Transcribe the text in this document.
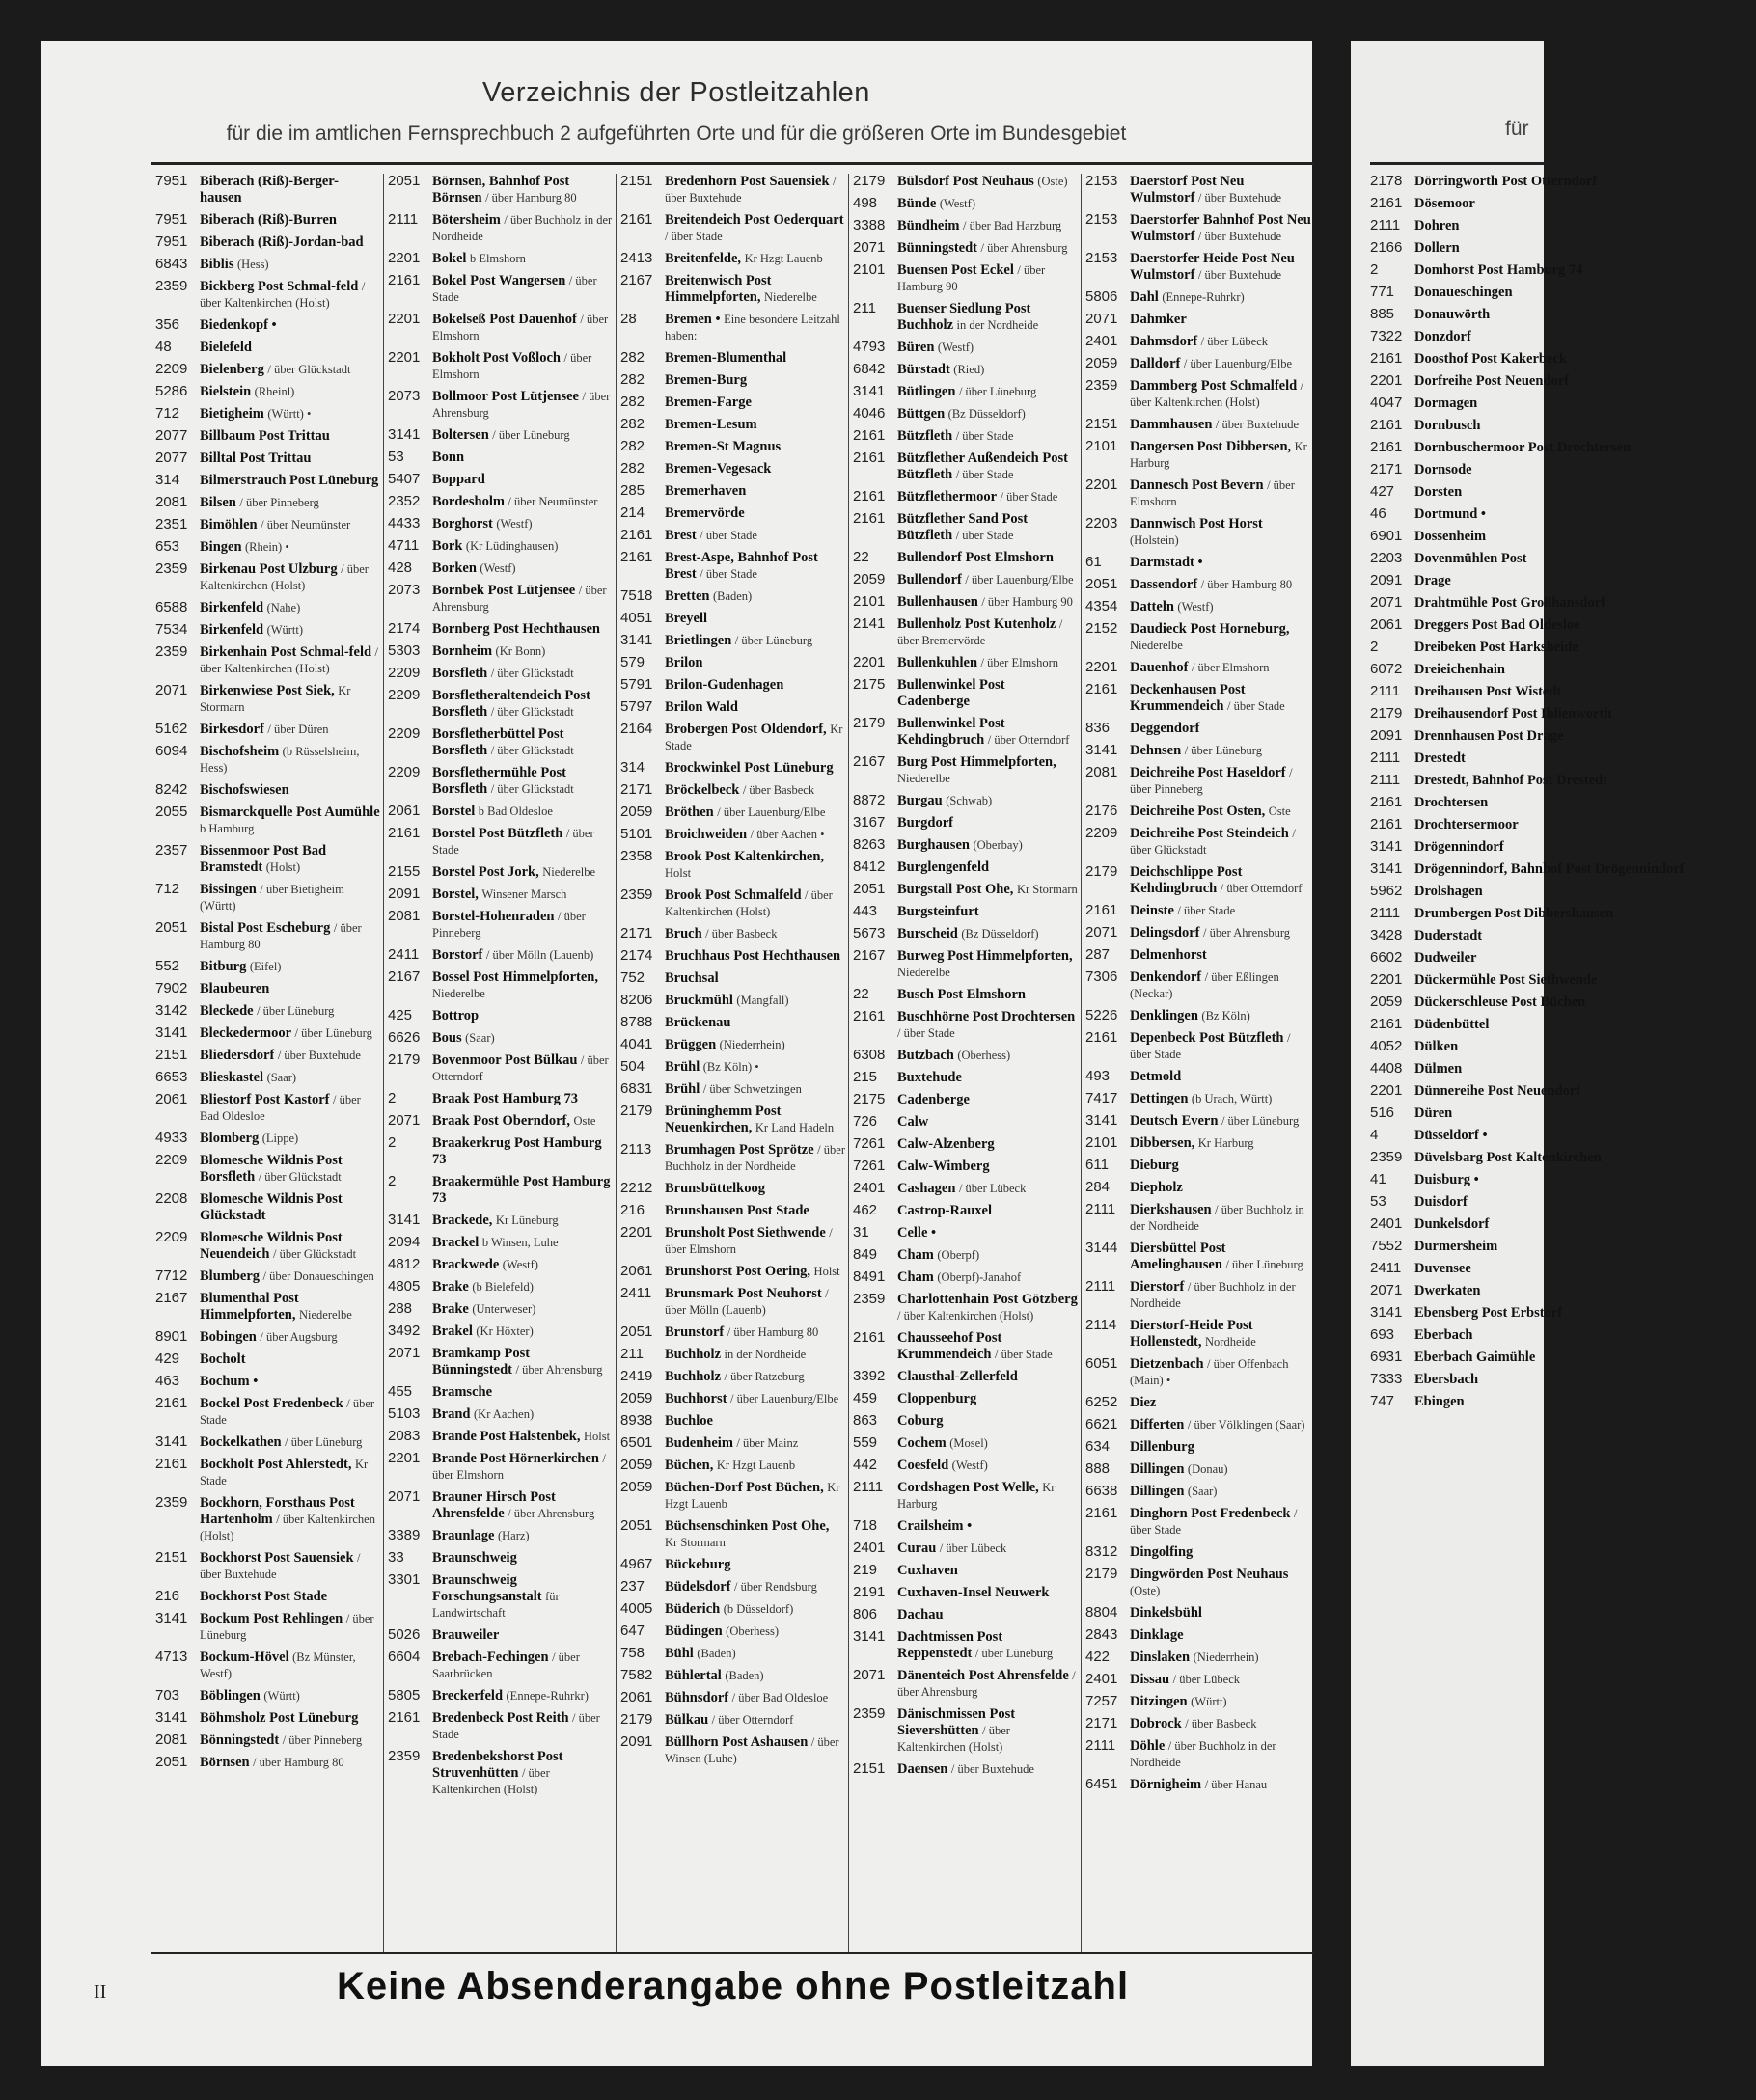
Verzeichnis der Postleitzahlen
für die im amtlichen Fernsprechbuch 2 aufgeführten Orte und für die größeren Orte im Bundesgebiet
7951 Biberach (Riß)-Berger-hausen
7951 Biberach (Riß)-Burren
7951 Biberach (Riß)-Jordan-bad
6843 Biblis (Hess)
2359 Bickberg Post Schmal-feld / über Kaltenkirchen (Holst)
356	Biedenkopf •
48	Bielefeld
2209 Bielenberg / über Glückstadt
5286 Bielstein (Rheinl)
712	Bietigheim (Württ) •
2077 Billbaum Post Trittau
2077 Billtal Post Trittau
314	Bilmerstrauch Post Lüneburg
2081 Bilsen / über Pinneberg
2351 Bimöhlen / über Neumünster
653	Bingen (Rhein) •
2359 Birkenau Post Ulzburg / über Kaltenkirchen (Holst)
6588 Birkenfeld (Nahe)
7534 Birkenfeld (Württ)
2359 Birkenhain Post Schmal-feld / über Kaltenkirchen (Holst)
2071 Birkenwiese Post Siek, Kr Stormarn
5162 Birkesdorf / über Düren
6094 Bischofsheim (b Rüsselsheim, Hess)
8242 Bischofswiesen
2055 Bismarckquelle Post Aumühle b Hamburg
2357 Bissenmoor Post Bad Bramstedt (Holst)
712	Bissingen / über Bietigheim (Württ)
2051 Bistal Post Escheburg / über Hamburg 80
552	Bitburg (Eifel)
7902 Blaubeuren
3142 Bleckede / über Lüneburg
3141 Bleckedermoor / über Lüneburg
2151 Bliedersdorf / über Buxtehude
6653 Blieskastel (Saar)
2061 Bliestorf Post Kastorf / über Bad Oldesloe
4933 Blomberg (Lippe)
2209 Blomesche Wildnis Post Borsfleth / über Glückstadt
2208 Blomesche Wildnis Post Glückstadt
2209 Blomesche Wildnis Post Neuendeich / über Glückstadt
7712 Blumberg / über Donaueschingen
2167 Blumenthal Post Himmelpforten, Niederelbe
8901 Bobingen / über Augsburg
429	Bocholt
463	Bochum •
2161 Bockel Post Fredenbeck / über Stade
3141 Bockelkathen / über Lüneburg
2161 Bockholt Post Ahlerstedt, Kr Stade
2359 Bockhorn, Forsthaus Post Hartenholm / über Kaltenkirchen (Holst)
2151 Bockhorst Post Sauensiek / über Buxtehude
216	Bockhorst Post Stade
3141 Bockum Post Rehlingen / über Lüneburg
4713 Bockum-Hövel (Bz Münster, Westf)
703	Böblingen (Württ)
3141 Böhmsholz Post Lüneburg
2081 Bönningstedt / über Pinneberg
2051 Börnsen / über Hamburg 80
2051 Börnsen, Bahnhof Post Börnsen / über Hamburg 80
2111	Bötersheim / über Buchholz in der Nordheide
2201 Bokel b Elmshorn
2161 Bokel Post Wangersen / über Stade
2201 Bokelseß Post Dauenhof / über Elmshorn
2201 Bokholt Post Voßloch / über Elmshorn
2073 Bollmoor Post Lütjensee / über Ahrensburg
3141 Boltersen / über Lüneburg
53	Bonn
5407 Boppard
2352 Bordesholm / über Neumünster
4433 Borghorst (Westf)
4711 Bork (Kr Lüdinghausen)
428	Borken (Westf)
2073 Bornbek Post Lütjensee / über Ahrensburg
2174 Bornberg Post Hechthausen
5303 Bornheim (Kr Bonn)
2209 Borsfleth / über Glückstadt
2209 Borsfletheraltendeich Post Borsfleth / über Glückstadt
2209 Borsfletherbüttel Post Borsfleth / über Glückstadt
2209 Borsflethermühle Post Borsfleth / über Glückstadt
2061 Borstel b Bad Oldesloe
2161 Borstel Post Bützfleth / über Stade
2155 Borstel Post Jork, Niederelbe
2091 Borstel, Winsener Marsch
2081 Borstel-Hohenraden / über Pinneberg
2411 Borstorf / über Mölln (Lauenb)
2167 Bossel Post Himmelpforten, Niederelbe
425	Bottrop
6626 Bous (Saar)
2179 Bovenmoor Post Bülkau / über Otterndorf
2	Braak Post Hamburg 73
2071 Braak Post Oberndorf, Oste
2	Braakerkrug Post Hamburg 73
2	Braakermühle Post Hamburg 73
3141 Brackede, Kr Lüneburg
2094 Brackel b Winsen, Luhe
4812 Brackwede (Westf)
4805 Brake (b Bielefeld)
288	Brake (Unterweser)
3492 Brakel (Kr Höxter)
2071 Bramkamp Post Bünningstedt / über Ahrensburg
455	Bramsche
5103 Brand (Kr Aachen)
2083 Brande Post Halstenbek, Holst
2201 Brande Post Hörnerkirchen / über Elmshorn
2071 Brauner Hirsch Post Ahrensfelde / über Ahrensburg
3389 Braunlage (Harz)
33	Braunschweig
3301 Braunschweig Forschungsanstalt für Landwirtschaft
5026 Brauweiler
6604 Brebach-Fechingen / über Saarbrücken
5805 Breckerfeld (Ennepe-Ruhrkr)
2161 Bredenbeck Post Reith / über Stade
2359 Bredenbekshorst Post Struvenhütten / über Kaltenkirchen (Holst)
2151 Bredenhorn Post Sauensiek / über Buxtehude
2161 Breitendeich Post Oederquart / über Stade
2413 Breitenfelde, Kr Hzgt Lauenb
2167 Breitenwisch Post Himmelpforten, Niederelbe
28	Bremen • Eine besondere Leitzahl haben:
282	Bremen-Blumenthal
282	Bremen-Burg
282	Bremen-Farge
282	Bremen-Lesum
282	Bremen-St Magnus
282	Bremen-Vegesack
285	Bremerhaven
214	Bremervörde
2161 Brest / über Stade
2161 Brest-Aspe, Bahnhof Post Brest / über Stade
7518 Bretten (Baden)
4051 Breyell
3141 Brietlingen / über Lüneburg
579	Brilon
5791 Brilon-Gudenhagen
5797 Brilon Wald
2164 Brobergen Post Oldendorf, Kr Stade
314	Brockwinkel Post Lüneburg
2171 Bröckelbeck / über Basbeck
2059 Bröthen / über Lauenburg/Elbe
5101 Broichweiden / über Aachen •
2358 Brook Post Kaltenkirchen, Holst
2359 Brook Post Schmalfeld / über Kaltenkirchen (Holst)
2171 Bruch / über Basbeck
2174 Bruchhaus Post Hechthausen
752	Bruchsal
8206 Bruckmühl (Mangfall)
8788 Brückenau
4041 Brüggen (Niederrhein)
504	Brühl (Bz Köln) •
6831 Brühl / über Schwetzingen
2179 Brüninghemm Post Neuenkirchen, Kr Land Hadeln
2113 Brumhagen Post Sprötze / über Buchholz in der Nordheide
2212 Brunsbüttelkoog
216	Brunshausen Post Stade
2201 Brunsholt Post Siethwende / über Elmshorn
2061 Brunshorst Post Oering, Holst
2411 Brunsmark Post Neuhorst / über Mölln (Lauenb)
2051 Brunstorf / über Hamburg 80
211	Buchholz in der Nordheide
2419 Buchholz / über Ratzeburg
2059 Buchhorst / über Lauenburg/Elbe
8938 Buchloe
6501 Budenheim / über Mainz
2059 Büchen, Kr Hzgt Lauenb
2059 Büchen-Dorf Post Büchen, Kr Hzgt Lauenb
2051 Büchsenschinken Post Ohe, Kr Stormarn
4967 Bückeburg
237	Büdelsdorf / über Rendsburg
4005 Büderich (b Düsseldorf)
647	Büdingen (Oberhess)
758	Bühl (Baden)
7582 Bühlertal (Baden)
2061 Bühnsdorf / über Bad Oldesloe
2179 Bülkau / über Otterndorf
2091 Büllhorn Post Ashausen / über Winsen (Luhe)
2179 Bülsdorf Post Neuhaus (Oste)
498	Bünde (Westf)
3388 Bündheim / über Bad Harzburg
2071 Bünningstedt / über Ahrensburg
2101 Buensen Post Eckel / über Hamburg 90
211	Buenser Siedlung Post Buchholz in der Nordheide
4793 Büren (Westf)
6842 Bürstadt (Ried)
3141 Bütlingen / über Lüneburg
4046 Büttgen (Bz Düsseldorf)
2161 Bützfleth / über Stade
2161 Bützflether Außendeich Post Bützfleth / über Stade
2161 Bützflethermoor / über Stade
2161 Bützflether Sand Post Bützfleth / über Stade
22	Bullendorf Post Elmshorn
2059 Bullendorf / über Lauenburg/Elbe
2101 Bullenhausen / über Hamburg 90
2141 Bullenholz Post Kutenholz / über Bremervörde
2201 Bullenkuhlen / über Elmshorn
2175 Bullenwinkel Post Cadenberge
2179 Bullenwinkel Post Kehdingbruch / über Otterndorf
2167 Burg Post Himmelpforten, Niederelbe
8872 Burgau (Schwab)
3167 Burgdorf
8263 Burghausen (Oberbay)
8412 Burglengenfeld
2051 Burgstall Post Ohe, Kr Stormarn
443	Burgsteinfurt
5673 Burscheid (Bz Düsseldorf)
2167 Burweg Post Himmelpforten, Niederelbe
22	Busch Post Elmshorn
2161 Buschhörne Post Drochtersen / über Stade
6308 Butzbach (Oberhess)
215	Buxtehude
2175 Cadenberge
726	Calw
7261 Calw-Alzenberg
7261 Calw-Wimberg
2401 Cashagen / über Lübeck
462	Castrop-Rauxel
31	Celle •
849	Cham (Oberpf)
8491 Cham (Oberpf)-Janahof
2359 Charlottenhain Post Götzberg / über Kaltenkirchen (Holst)
2161 Chausseehof Post Krummendeich / über Stade
3392 Clausthal-Zellerfeld
459	Cloppenburg
863	Coburg
559	Cochem (Mosel)
442	Coesfeld (Westf)
2111	Cordshagen Post Welle, Kr Harburg
718	Crailsheim •
2401 Curau / über Lübeck
219	Cuxhaven
2191 Cuxhaven-Insel Neuwerk
806	Dachau
3141 Dachtmissen Post Reppenstedt / über Lüneburg
2071 Dänenteich Post Ahrensfelde / über Ahrensburg
2359 Dänischmissen Post Sievershütten / über Kaltenkirchen (Holst)
2151 Daensen / über Buxtehude
2153 Daerstorf Post Neu Wulmstorf / über Buxtehude
2153 Daerstorfer Bahnhof Post Neu Wulmstorf / über Buxtehude
2153 Daerstorfer Heide Post Neu Wulmstorf / über Buxtehude
5806 Dahl (Ennepe-Ruhrkr)
2071 Dahmker
2401 Dahmsdorf / über Lübeck
2059 Dalldorf / über Lauenburg/Elbe
2359 Dammberg Post Schmalfeld / über Kaltenkirchen (Holst)
2151 Dammhausen / über Buxtehude
2101 Dangersen Post Dibbersen, Kr Harburg
2201 Dannesch Post Bevern / über Elmshorn
2203 Dannwisch Post Horst (Holstein)
61	Darmstadt •
2051 Dassendorf / über Hamburg 80
4354 Datteln (Westf)
2152 Daudieck Post Horneburg, Niederelbe
2201 Dauenhof / über Elmshorn
2161 Deckenhausen Post Krummendeich / über Stade
836	Deggendorf
3141 Dehnsen / über Lüneburg
2081 Deichreihe Post Haseldorf / über Pinneberg
2176 Deichreihe Post Osten, Oste
2209 Deichreihe Post Steindeich / über Glückstadt
2179 Deichschlippe Post Kehdingbruch / über Otterndorf
2161 Deinste / über Stade
2071 Delingsdorf / über Ahrensburg
287	Delmenhorst
7306 Denkendorf / über Eßlingen (Neckar)
5226 Denklingen (Bz Köln)
2161 Depenbeck Post Bützfleth / über Stade
493	Detmold
7417 Dettingen (b Urach, Württ)
3141 Deutsch Evern / über Lüneburg
2101 Dibbersen, Kr Harburg
611	Dieburg
284	Diepholz
2111	Dierkshausen / über Buchholz in der Nordheide
3144 Diersbüttel Post Amelinghausen / über Lüneburg
2111	Dierstorf / über Buchholz in der Nordheide
2114 Dierstorf-Heide Post Hollenstedt, Nordheide
6051 Dietzenbach / über Offenbach (Main) •
6252 Diez
6621 Differten / über Völklingen (Saar)
634	Dillenburg
888	Dillingen (Donau)
6638 Dillingen (Saar)
2161 Dinghorn Post Fredenbeck / über Stade
8312 Dingolfing
2179 Dingwörden Post Neuhaus (Oste)
8804 Dinkelsbühl
2843 Dinklage
422	Dinslaken (Niederrhein)
2401 Dissau / über Lübeck
7257 Ditzingen (Württ)
2171 Dobrock / über Basbeck
2111	Döhle / über Buchholz in der Nordheide
6451 Dörnigheim / über Hanau
II	Keine Absenderangabe ohne Postleitzahl
für
2178 Dörringworth Post Otterndorf
2161 Dösemoor
2111	Dohren
2166 Dollern
2	Domhorst Post Hamburg 74
771	Donaueschingen
885	Donauwörth
7322 Donzdorf
2161 Doosthof Post Kakerbeck
2201 Dorfreihe Post Neuendorf
4047 Dormagen
2161 Dornbusch
2161 Dornbuschermoor Post Drochtersen
2171 Dornsode
427	Dorsten
46	Dortmund •
6901 Dossenheim
2203 Dovenmühlen Post
2091 Drage
2071 Drahtmühle Post Großhansdorf
2061 Dreggers Post Bad Oldesloe
2	Dreibeken Post Harksheide
6072 Dreieichenhain
2111	Dreihausen Post Wistedt
2179 Dreihausendorf Post Ihlienworth
2091 Drennhausen Post Drage
2111	Drestedt
2111	Drestedt, Bahnhof Post Drestedt
2161 Drochtersen
2161 Drochtersermoor
3141 Drögennindorf
3141 Drögennindorf, Bahnhof Post Drögennindorf
5962 Drolshagen
2111	Drumbergen Post Dibbershausen
3428 Duderstadt
6602 Dudweiler
2201 Dückermühle Post Siethwende
2059 Dückerschleuse Post Büchen
2161 Düdenbüttel
4052 Dülken
4408 Dülmen
2201 Dünnereihe Post Neuendorf
516	Düren
4	Düsseldorf •
2359 Düvelsbarg Post Kaltenkirchen
41	Duisburg •
53	Duisdorf
2401 Dunkelsdorf
7552 Durmersheim
2411 Duvensee
2071 Dwerkaten
3141 Ebensberg Post Erbstorf
693	Eberbach
6931 Eberbach Gaimühle
7333 Ebersbach
747	Ebingen
